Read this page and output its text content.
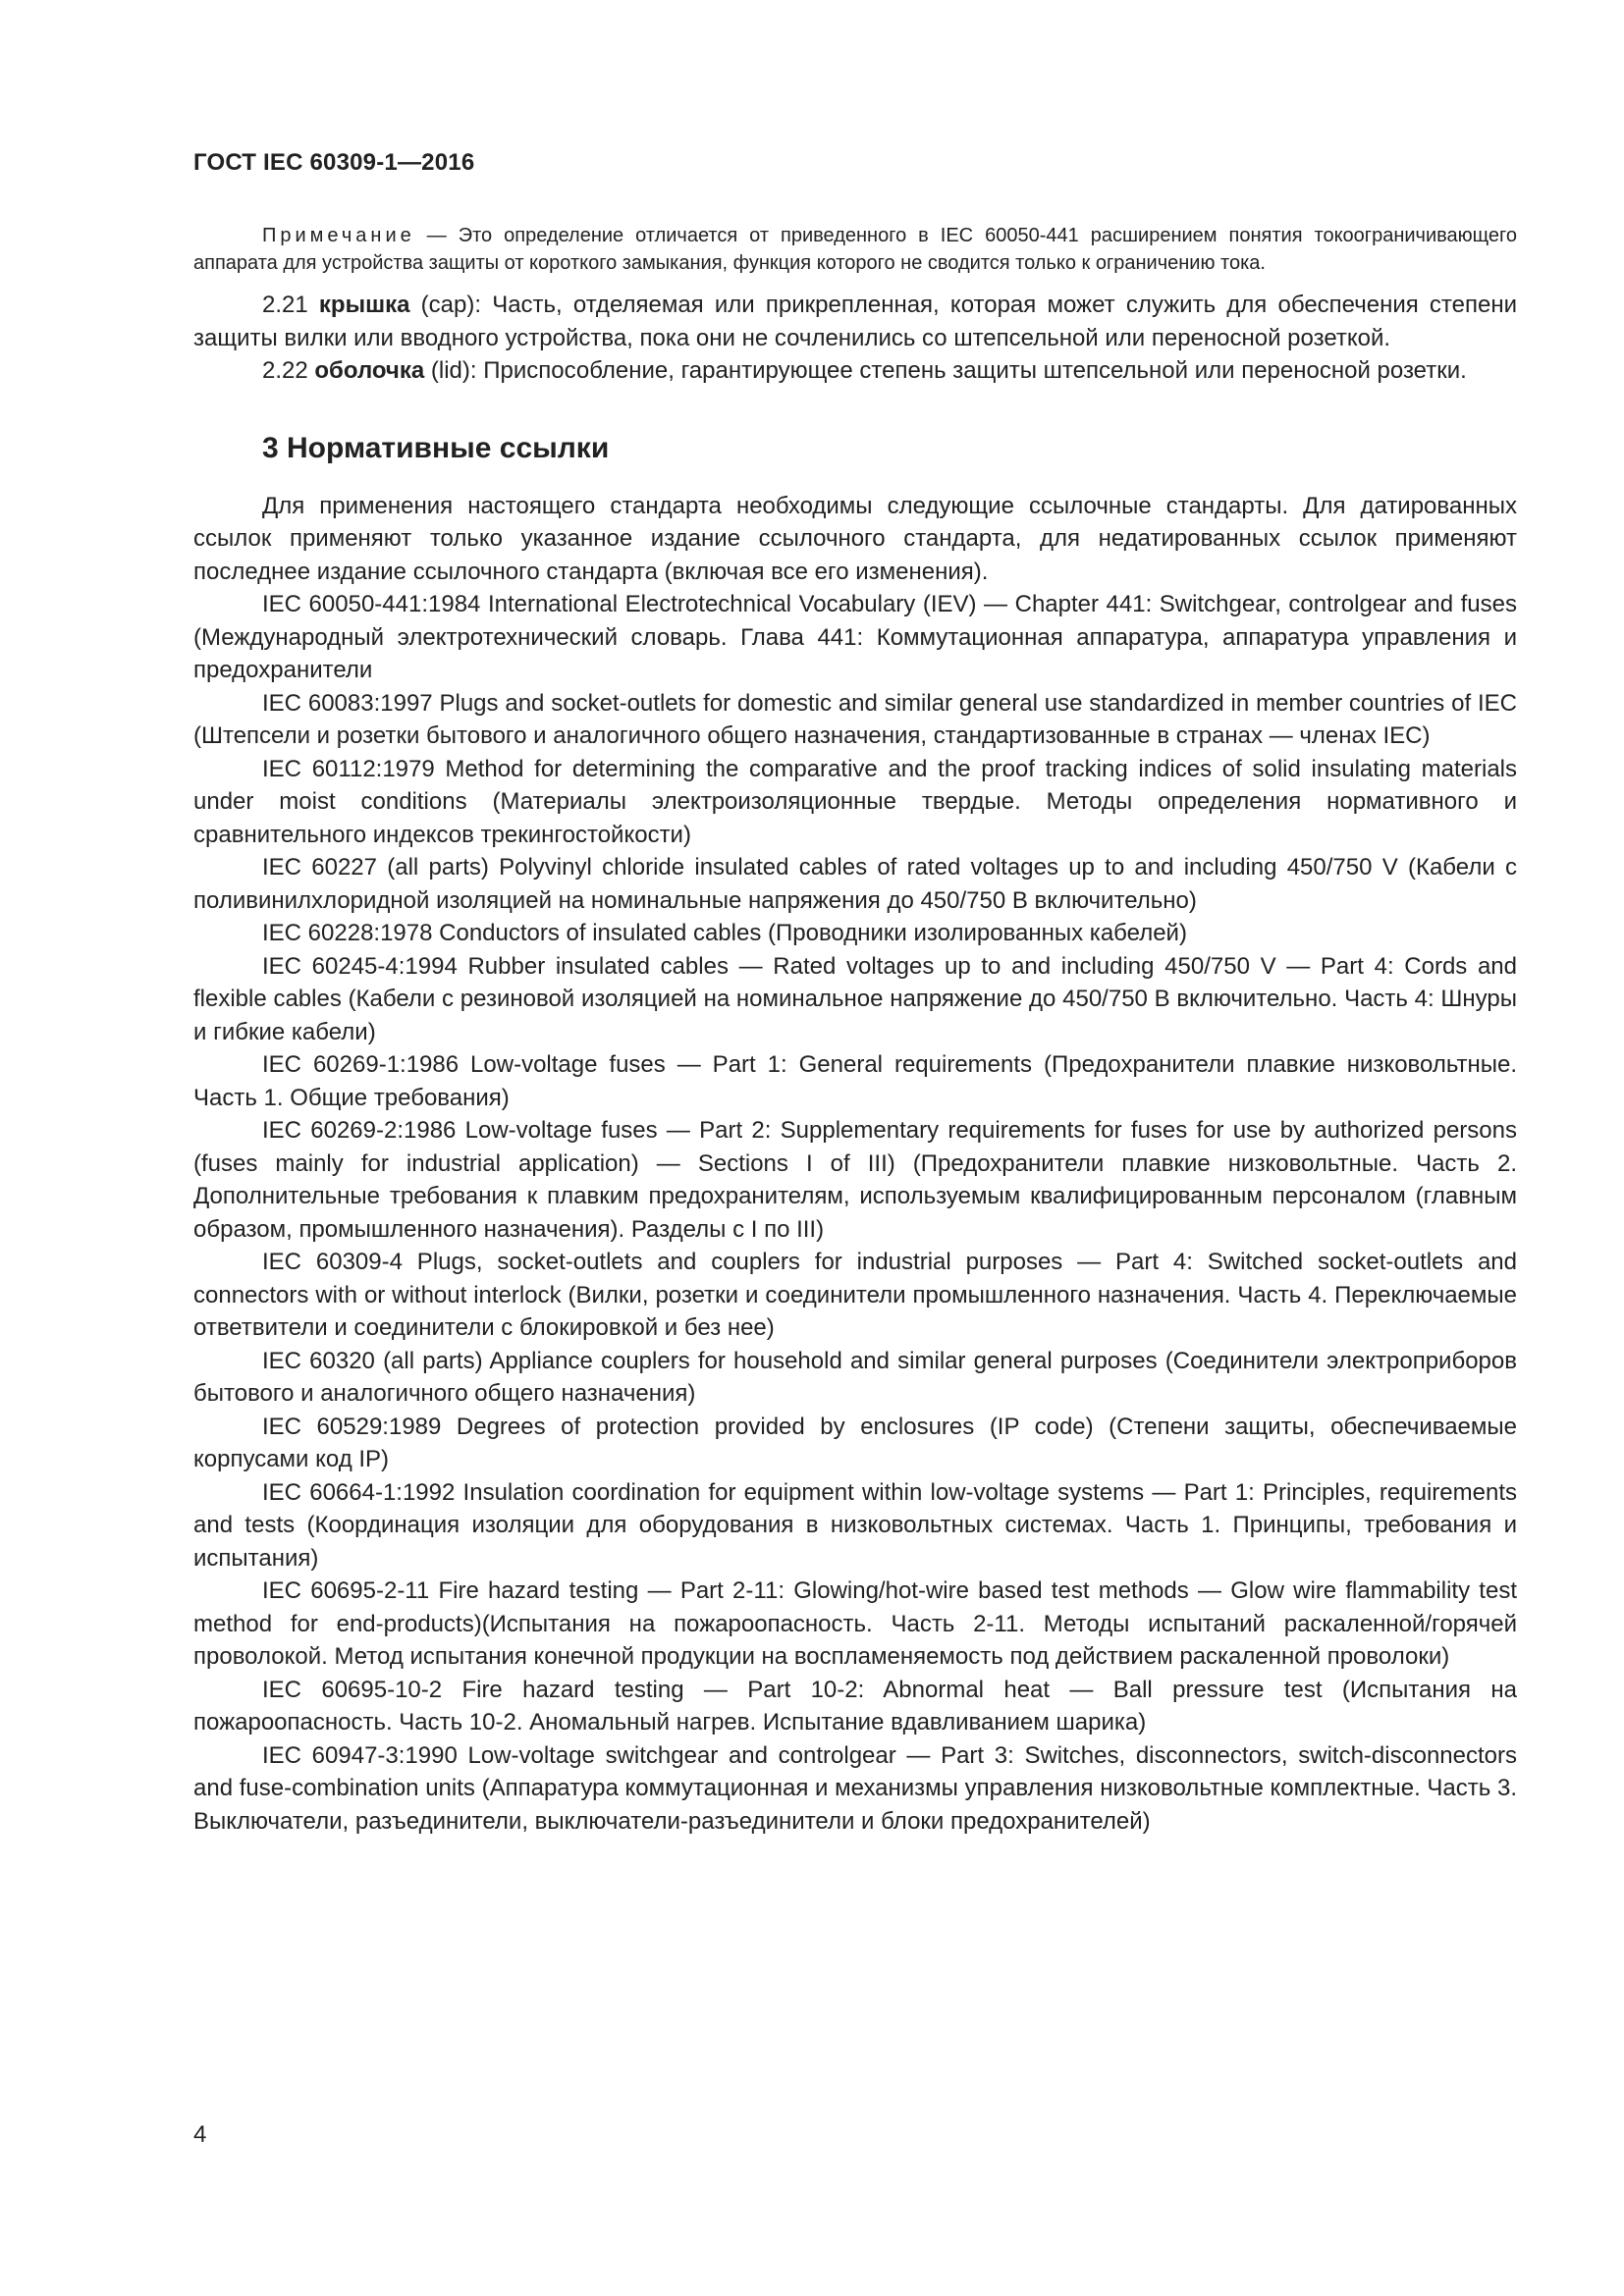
ГОСТ IEC 60309-1—2016

Примечание — Это определение отличается от приведенного в IEC 60050-441 расширением понятия токоограничивающего аппарата для устройства защиты от короткого замыкания, функция которого не сводится только к ограничению тока.

2.21 крышка (cap): Часть, отделяемая или прикрепленная, которая может служить для обеспечения степени защиты вилки или вводного устройства, пока они не сочленились со штепсельной или переносной розеткой.

2.22 оболочка (lid): Приспособление, гарантирующее степень защиты штепсельной или переносной розетки.

3 Нормативные ссылки

Для применения настоящего стандарта необходимы следующие ссылочные стандарты. Для датированных ссылок применяют только указанное издание ссылочного стандарта, для недатированных ссылок применяют последнее издание ссылочного стандарта (включая все его изменения).

IEC 60050-441:1984 International Electrotechnical Vocabulary (IEV) — Chapter 441: Switchgear, controlgear and fuses (Международный электротехнический словарь. Глава 441: Коммутационная аппаратура, аппаратура управления и предохранители

IEC 60083:1997 Plugs and socket-outlets for domestic and similar general use standardized in member countries of IEC (Штепсели и розетки бытового и аналогичного общего назначения, стандартизованные в странах — членах IEC)

IEC 60112:1979 Method for determining the comparative and the proof tracking indices of solid insulating materials under moist conditions (Материалы электроизоляционные твердые. Методы определения нормативного и сравнительного индексов трекингостойкости)

IEC 60227 (all parts) Polyvinyl chloride insulated cables of rated voltages up to and including 450/750 V (Кабели с поливинилхлоридной изоляцией на номинальные напряжения до 450/750 В включительно)

IEC 60228:1978 Conductors of insulated cables (Проводники изолированных кабелей)

IEC 60245-4:1994 Rubber insulated cables — Rated voltages up to and including 450/750 V — Part 4: Cords and flexible cables (Кабели с резиновой изоляцией на номинальное напряжение до 450/750 В включительно. Часть 4: Шнуры и гибкие кабели)

IEC 60269-1:1986 Low-voltage fuses — Part 1: General requirements (Предохранители плавкие низковольтные. Часть 1. Общие требования)

IEC 60269-2:1986 Low-voltage fuses — Part 2: Supplementary requirements for fuses for use by authorized persons (fuses mainly for industrial application) — Sections I of III) (Предохранители плавкие низковольтные. Часть 2. Дополнительные требования к плавким предохранителям, используемым квалифицированным персоналом (главным образом, промышленного назначения). Разделы с I по III)

IEC 60309-4 Plugs, socket-outlets and couplers for industrial purposes — Part 4: Switched socket-outlets and connectors with or without interlock (Вилки, розетки и соединители промышленного назначения. Часть 4. Переключаемые ответвители и соединители с блокировкой и без нее)

IEC 60320 (all parts) Appliance couplers for household and similar general purposes (Соединители электроприборов бытового и аналогичного общего назначения)

IEC 60529:1989 Degrees of protection provided by enclosures (IP code) (Степени защиты, обеспечиваемые корпусами код IP)

IEC 60664-1:1992 Insulation coordination for equipment within low-voltage systems — Part 1: Principles, requirements and tests (Координация изоляции для оборудования в низковольтных системах. Часть 1. Принципы, требования и испытания)

IEC 60695-2-11 Fire hazard testing — Part 2-11: Glowing/hot-wire based test methods — Glow wire flammability test method for end-products)(Испытания на пожароопасность. Часть 2-11. Методы испытаний раскаленной/горячей проволокой. Метод испытания конечной продукции на воспламеняемость под действием раскаленной проволоки)

IEC 60695-10-2 Fire hazard testing — Part 10-2: Abnormal heat — Ball pressure test (Испытания на пожароопасность. Часть 10-2. Аномальный нагрев. Испытание вдавливанием шарика)

IEC 60947-3:1990 Low-voltage switchgear and controlgear — Part 3: Switches, disconnectors, switch-disconnectors and fuse-combination units (Аппаратура коммутационная и механизмы управления низковольтные комплектные. Часть 3. Выключатели, разъединители, выключатели-разъединители и блоки предохранителей)

4
